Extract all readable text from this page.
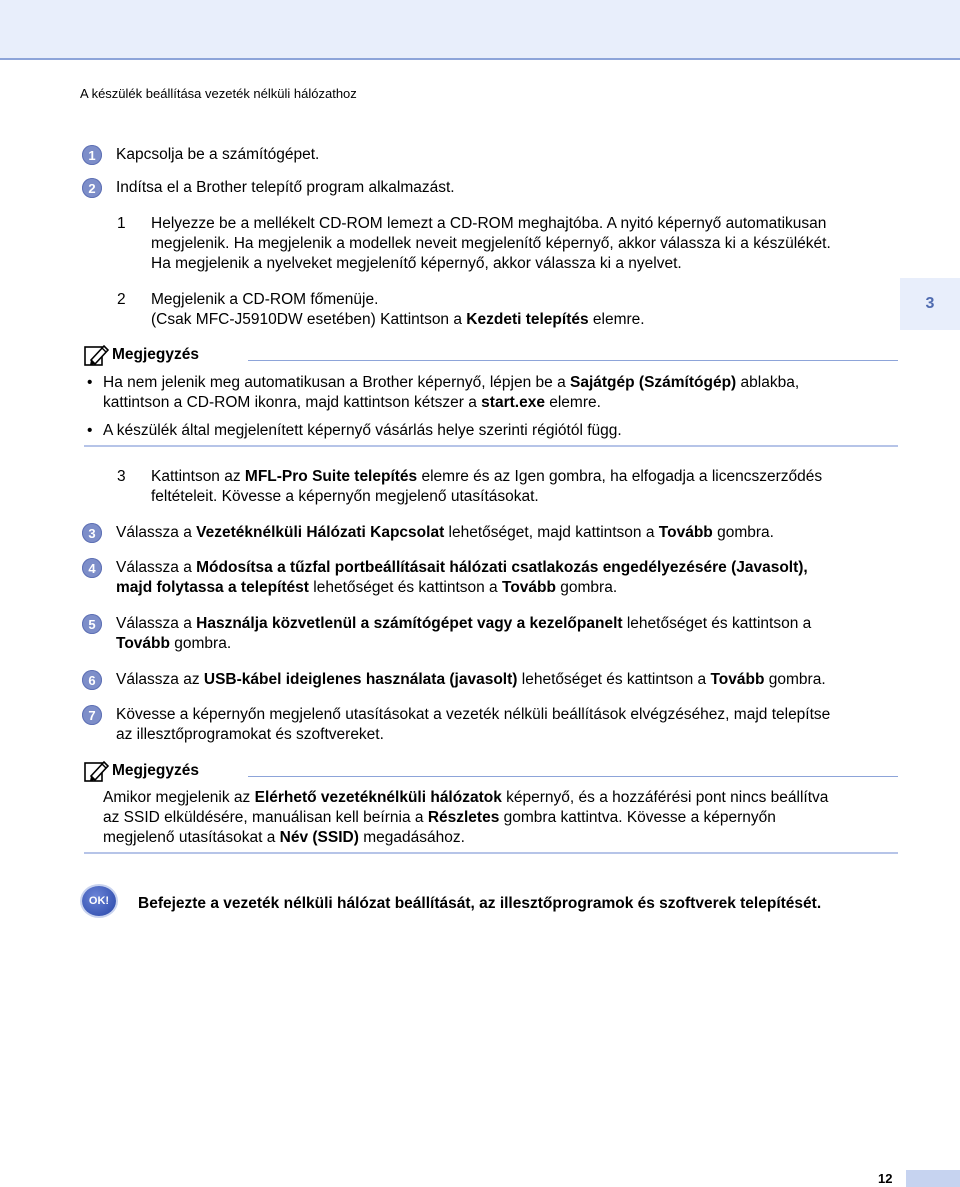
A készülék beállítása vezeték nélküli hálózathoz
3
1	Kapcsolja be a számítógépet.
2	Indítsa el a Brother telepítő program alkalmazást.
1	Helyezze be a mellékelt CD-ROM lemezt a CD-ROM meghajtóba. A nyitó képernyő automatikusan
megjelenik. Ha megjelenik a modellek neveit megjelenítő képernyő, akkor válassza ki a készülékét.
Ha megjelenik a nyelveket megjelenítő képernyő, akkor válassza ki a nyelvet.
2	Megjelenik a CD-ROM főmenüje.
(Csak MFC-J5910DW esetében) Kattintson a Kezdeti telepítés elemre.
Megjegyzés
• Ha nem jelenik meg automatikusan a Brother képernyő, lépjen be a Sajátgép (Számítógép) ablakba,
kattintson a CD-ROM ikonra, majd kattintson kétszer a start.exe elemre.
• A készülék által megjelenített képernyő vásárlás helye szerinti régiótól függ.
3	Kattintson az MFL-Pro Suite telepítés elemre és az Igen gombra, ha elfogadja a licencszerződés
feltételeit. Kövesse a képernyőn megjelenő utasításokat.
3	Válassza a Vezetéknélküli Hálózati Kapcsolat lehetőséget, majd kattintson a Tovább gombra.
4	Válassza a Módosítsa a tűzfal portbeállításait hálózati csatlakozás engedélyezésére (Javasolt),
majd folytassa a telepítést lehetőséget és kattintson a Tovább gombra.
5	Válassza a Használja közvetlenül a számítógépet vagy a kezelőpanelt lehetőséget és kattintson a
Tovább gombra.
6	Válassza az USB-kábel ideiglenes használata (javasolt) lehetőséget és kattintson a Tovább gombra.
7	Kövesse a képernyőn megjelenő utasításokat a vezeték nélküli beállítások elvégzéséhez, majd telepítse
az illesztőprogramokat és szoftvereket.
Megjegyzés
Amikor megjelenik az Elérhető vezetéknélküli hálózatok képernyő, és a hozzáférési pont nincs beállítva
az SSID elküldésére, manuálisan kell beírnia a Részletes gombra kattintva. Kövesse a képernyőn
megjelenő utasításokat a Név (SSID) megadásához.
OK!	Befejezte a vezeték nélküli hálózat beállítását, az illesztőprogramok és szoftverek telepítését.
12
